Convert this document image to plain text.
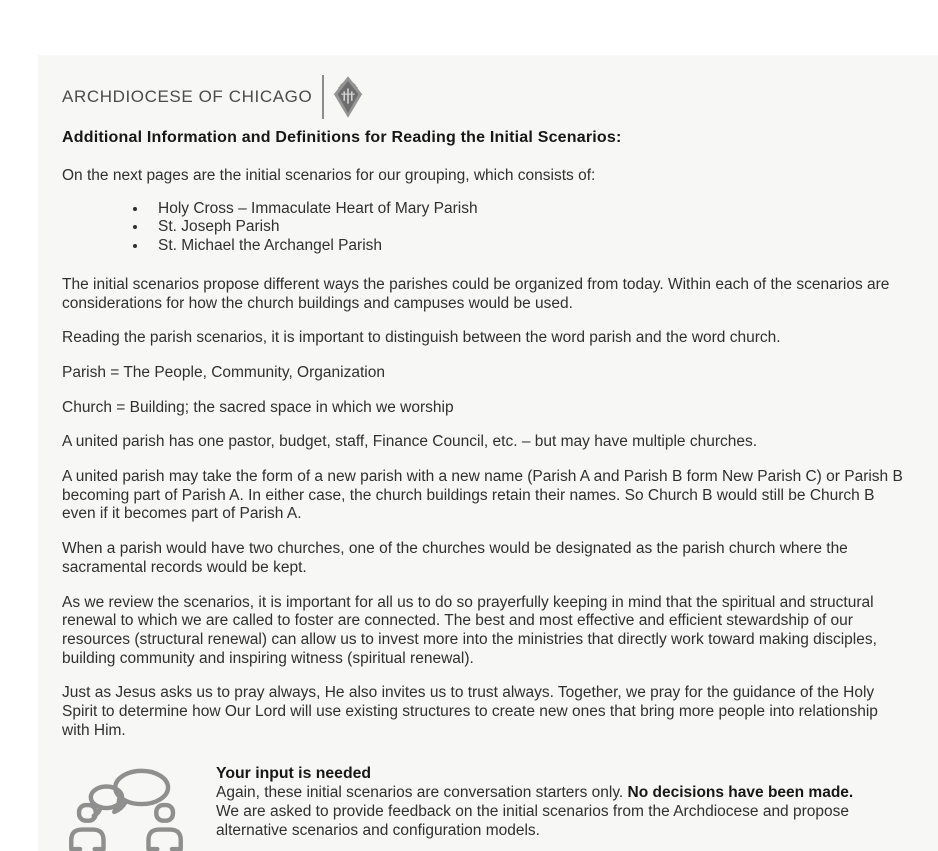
ARCHDIOCESE OF CHICAGO
Additional Information and Definitions for Reading the Initial Scenarios:

On the next pages are the initial scenarios for our grouping, which consists of:

• Holy Cross – Immaculate Heart of Mary Parish
• St. Joseph Parish
• St. Michael the Archangel Parish

The initial scenarios propose different ways the parishes could be organized from today. Within each of the scenarios are considerations for how the church buildings and campuses would be used.

Reading the parish scenarios, it is important to distinguish between the word parish and the word church.

Parish = The People, Community, Organization

Church = Building; the sacred space in which we worship

A united parish has one pastor, budget, staff, Finance Council, etc. – but may have multiple churches.

A united parish may take the form of a new parish with a new name (Parish A and Parish B form New Parish C) or Parish B becoming part of Parish A. In either case, the church buildings retain their names. So Church B would still be Church B even if it becomes part of Parish A.

When a parish would have two churches, one of the churches would be designated as the parish church where the sacramental records would be kept.

As we review the scenarios, it is important for all us to do so prayerfully keeping in mind that the spiritual and structural renewal to which we are called to foster are connected. The best and most effective and efficient stewardship of our resources (structural renewal) can allow us to invest more into the ministries that directly work toward making disciples, building community and inspiring witness (spiritual renewal).

Just as Jesus asks us to pray always, He also invites us to trust always. Together, we pray for the guidance of the Holy Spirit to determine how Our Lord will use existing structures to create new ones that bring more people into relationship with Him.

Your input is needed

Again, these initial scenarios are conversation starters only. No decisions have been made. We are asked to provide feedback on the initial scenarios from the Archdiocese and propose alternative scenarios and configuration models.
